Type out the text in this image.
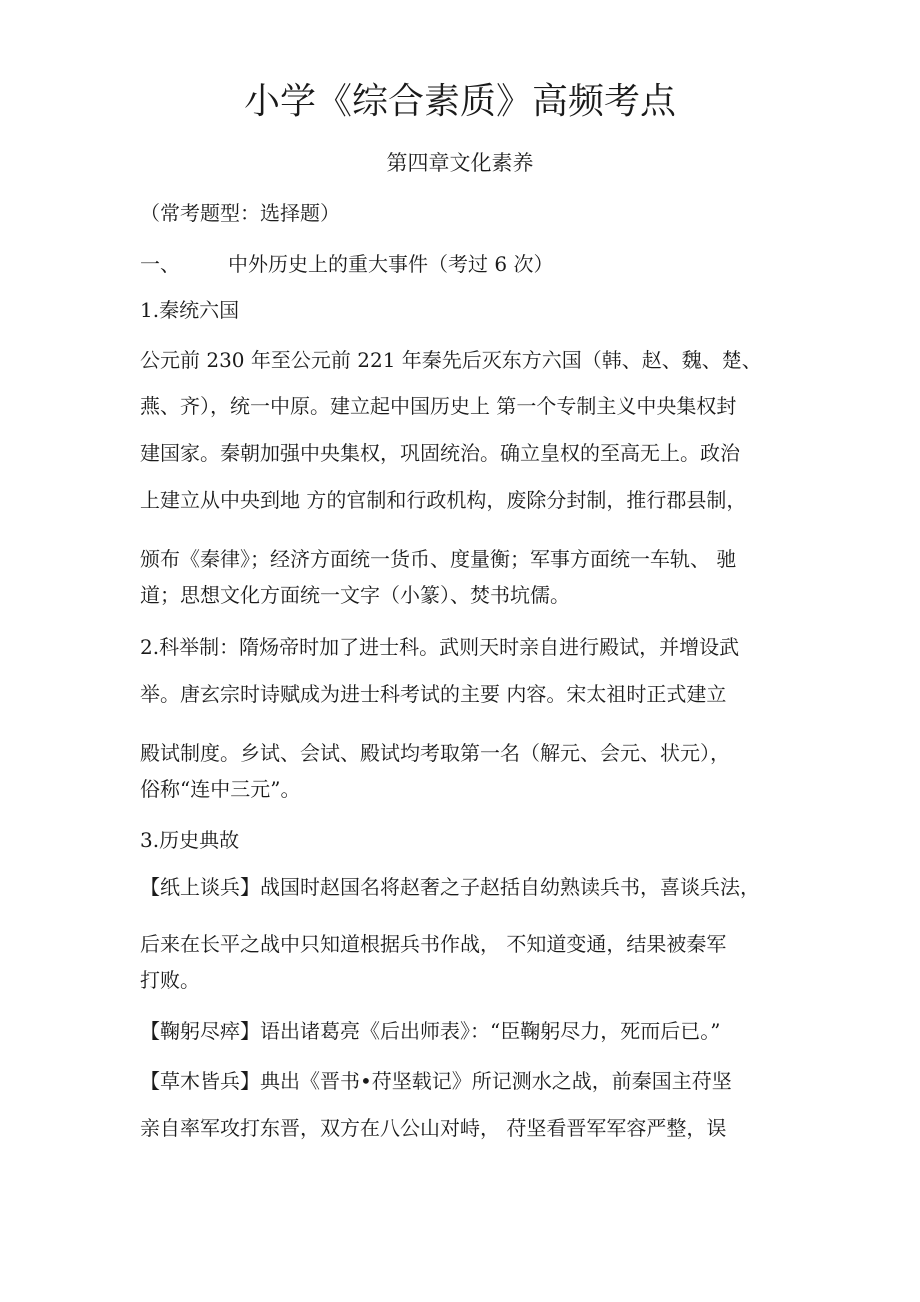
小学《综合素质》高频考点
第四章文化素养
（常考题型：选择题）
一、 中外历史上的重大事件（考过 6 次）
1.秦统六国
公元前 230 年至公元前 221 年秦先后灭东方六国（韩、赵、魏、楚、
燕、齐），统一中原。建立起中国历史上 第一个专制主义中央集权封
建国家。秦朝加强中央集权，巩固统治。确立皇权的至高无上。政治
上建立从中央到地 方的官制和行政机构，废除分封制，推行郡县制，
颁布《秦律》；经济方面统一货币、度量衡；军事方面统一车轨、 驰
道；思想文化方面统一文字（小篆）、焚书坑儒。
2.科举制：隋炀帝时加了进士科。武则天时亲自进行殿试，并增设武
举。唐玄宗时诗赋成为进士科考试的主要 内容。宋太祖时正式建立
殿试制度。乡试、会试、殿试均考取第一名（解元、会元、状元），
俗称“连中三元”。
3.历史典故
【纸上谈兵】战国时赵国名将赵奢之子赵括自幼熟读兵书，喜谈兵法，
后来在长平之战中只知道根据兵书作战， 不知道变通，结果被秦军
打败。
【鞠躬尽瘁】语出诸葛亮《后出师表》：“臣鞠躬尽力，死而后已。”
【草木皆兵】典出《晋书•苻坚载记》所记测水之战，前秦国主苻坚
亲自率军攻打东晋，双方在八公山对峙， 苻坚看晋军军容严整，误
